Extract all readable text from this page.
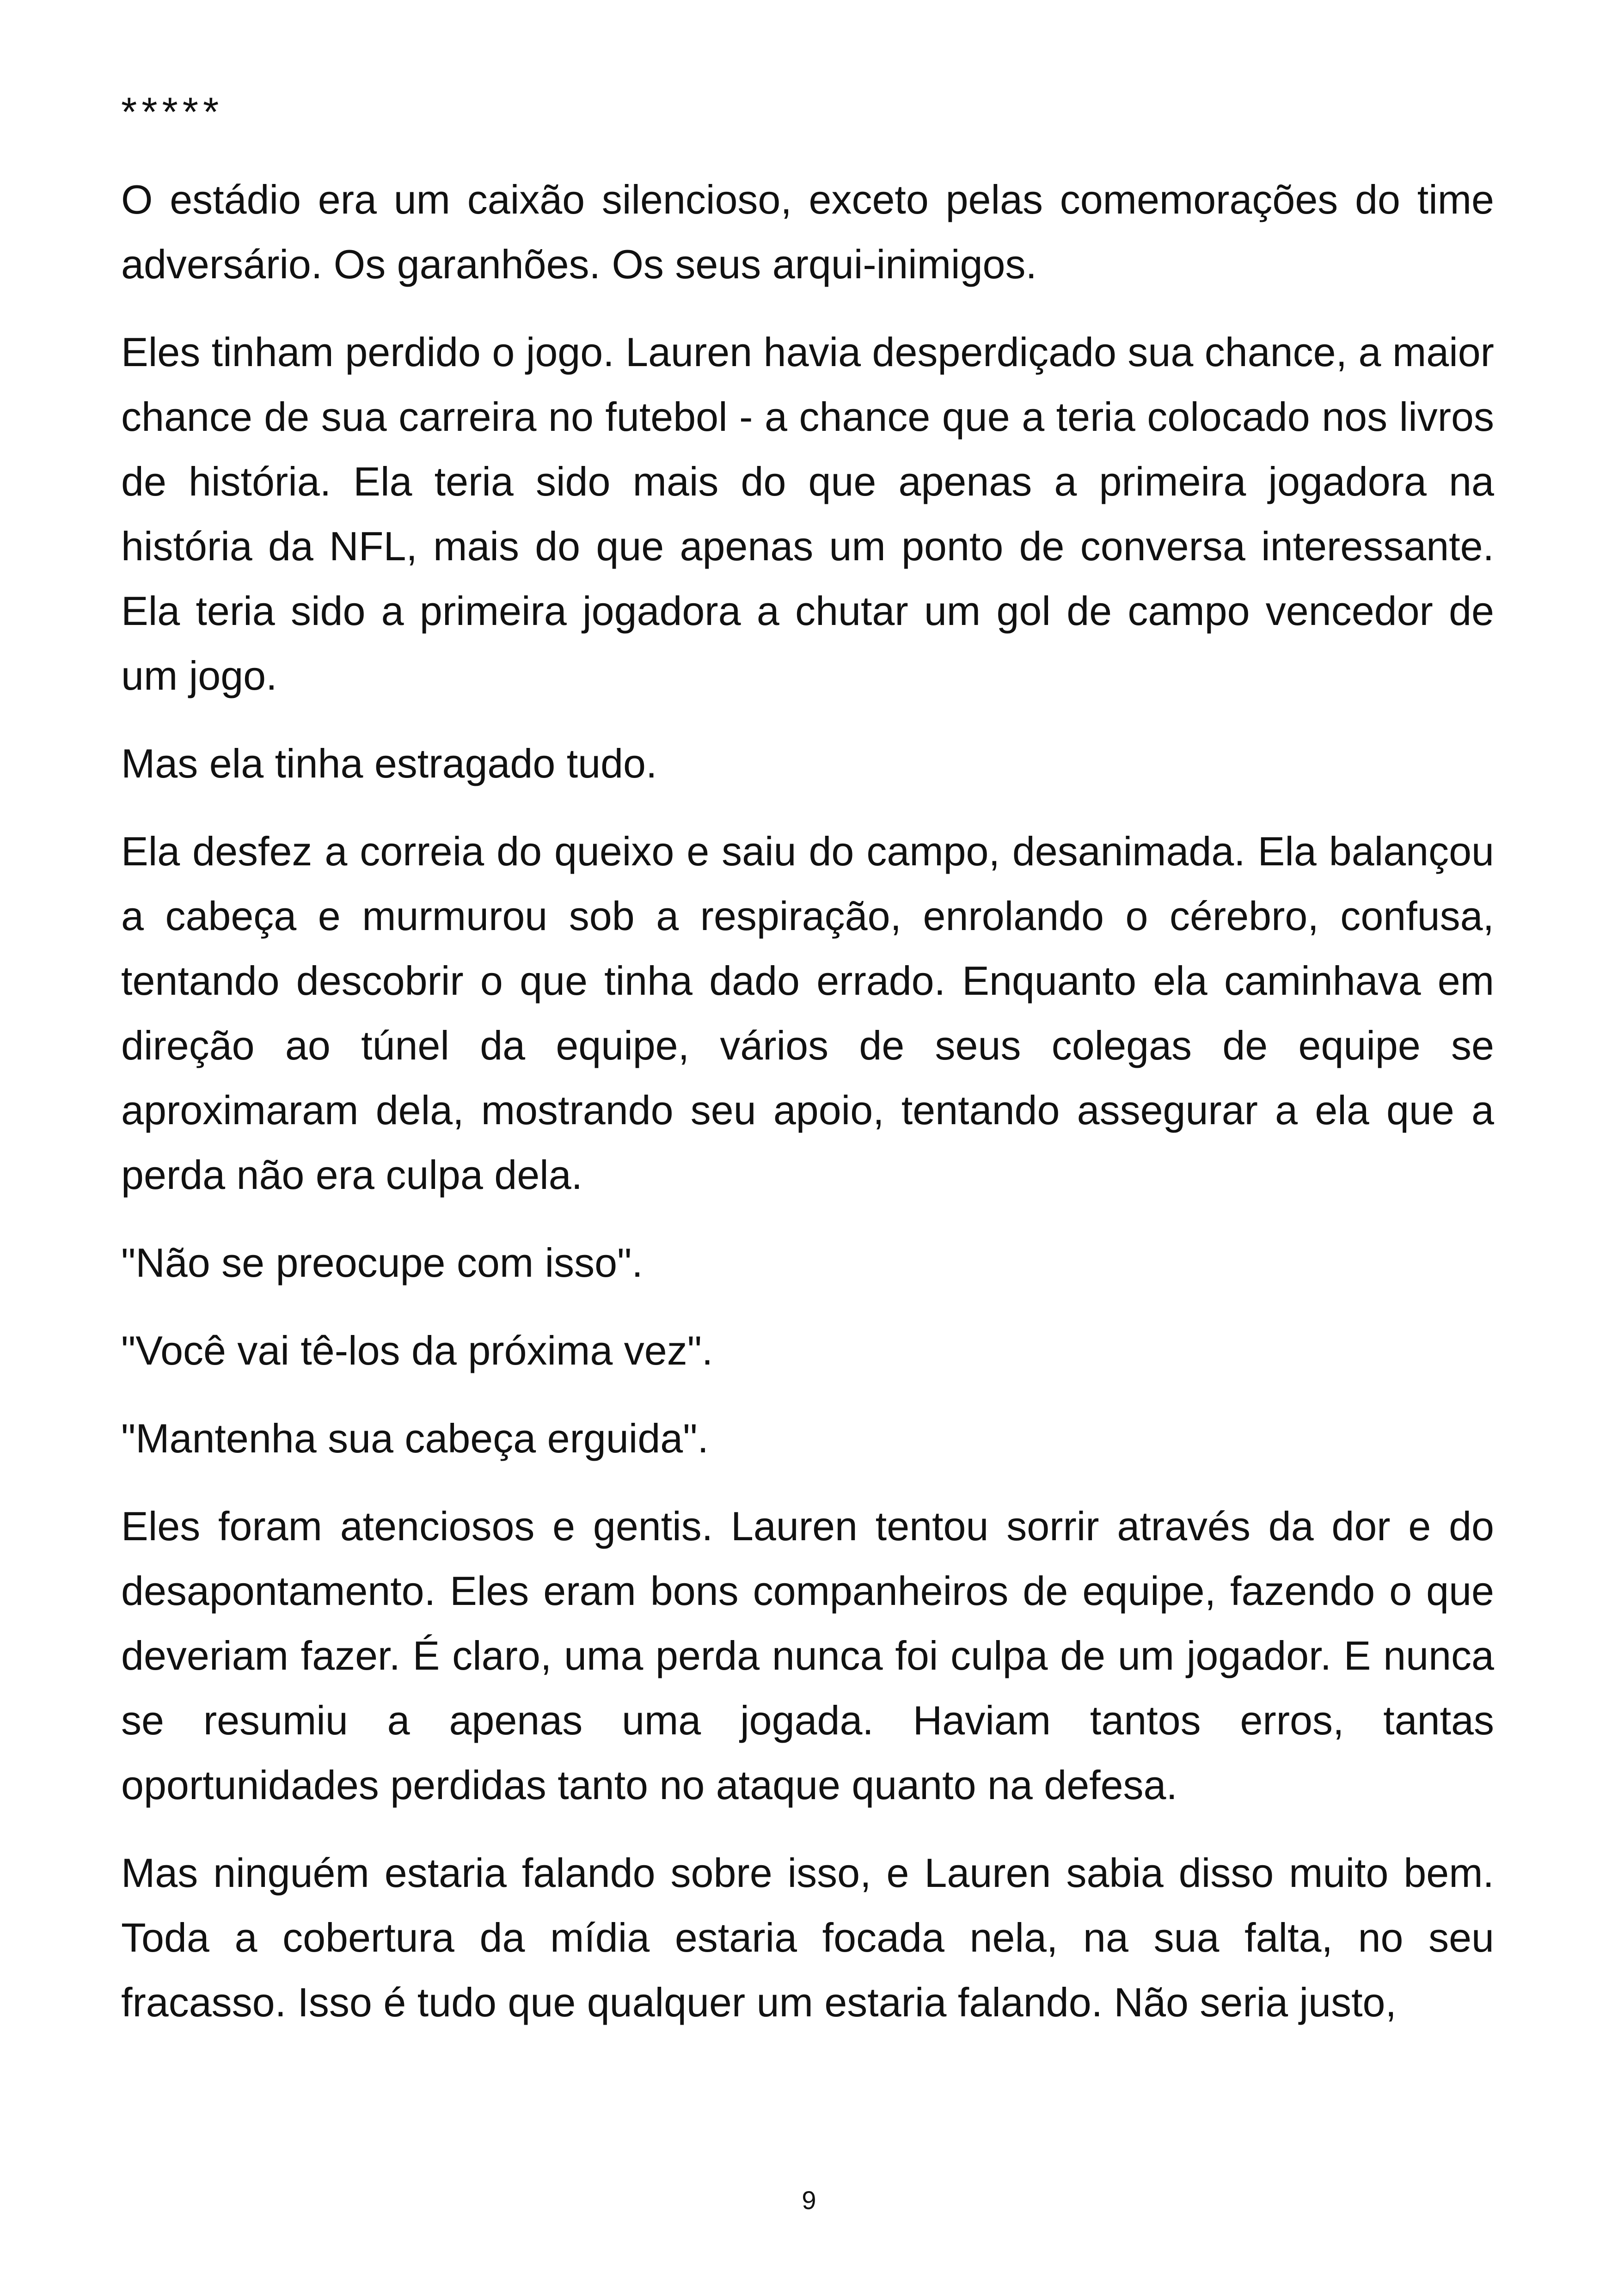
*****

O estádio era um caixão silencioso, exceto pelas comemorações do time adversário. Os garanhões. Os seus arqui-inimigos.

Eles tinham perdido o jogo. Lauren havia desperdiçado sua chance, a maior chance de sua carreira no futebol - a chance que a teria colocado nos livros de história. Ela teria sido mais do que apenas a primeira jogadora na história da NFL, mais do que apenas um ponto de conversa interessante. Ela teria sido a primeira jogadora a chutar um gol de campo vencedor de um jogo.

Mas ela tinha estragado tudo.

Ela desfez a correia do queixo e saiu do campo, desanimada. Ela balançou a cabeça e murmurou sob a respiração, enrolando o cérebro, confusa, tentando descobrir o que tinha dado errado. Enquanto ela caminhava em direção ao túnel da equipe, vários de seus colegas de equipe se aproximaram dela, mostrando seu apoio, tentando assegurar a ela que a perda não era culpa dela.

"Não se preocupe com isso".

"Você vai tê-los da próxima vez".

"Mantenha sua cabeça erguida".

Eles foram atenciosos e gentis. Lauren tentou sorrir através da dor e do desapontamento. Eles eram bons companheiros de equipe, fazendo o que deveriam fazer. É claro, uma perda nunca foi culpa de um jogador. E nunca se resumiu a apenas uma jogada. Haviam tantos erros, tantas oportunidades perdidas tanto no ataque quanto na defesa.

Mas ninguém estaria falando sobre isso, e Lauren sabia disso muito bem. Toda a cobertura da mídia estaria focada nela, na sua falta, no seu fracasso. Isso é tudo que qualquer um estaria falando. Não seria justo,

9
